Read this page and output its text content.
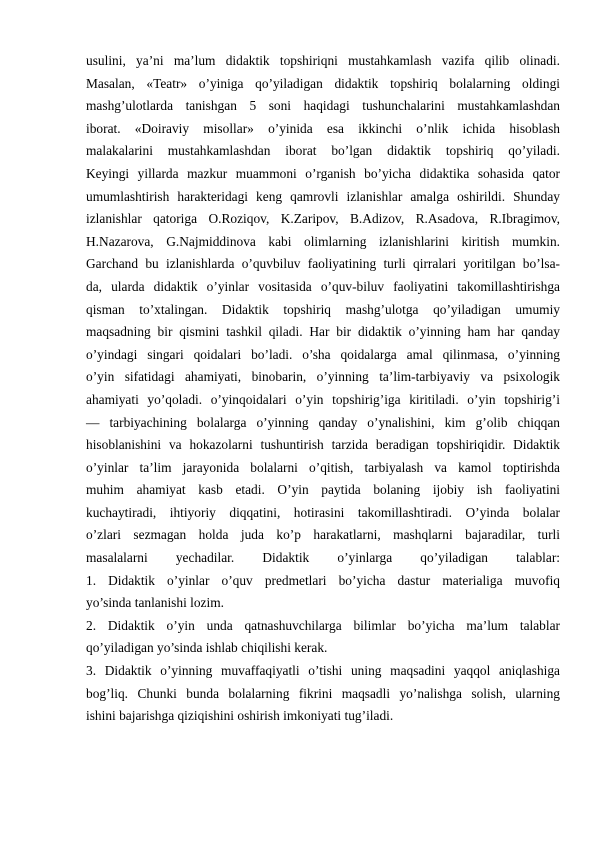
usulini, ya’ni ma’lum didaktik topshiriqni mustahkamlash vazifa qilib olinadi.
Masalan, «Teatr» o’yiniga qo’yiladigan didaktik topshiriq bolalarning oldingi
mashg’ulotlarda tanishgan 5 soni haqidagi tushunchalarini mustahkamlashdan
iborat. «Doiraviy misollar» o’yinida esa ikkinchi o’nlik ichida hisoblash
malakalarini mustahkamlashdan iborat bo’lgan didaktik topshiriq qo’yiladi.
Keyingi yillarda mazkur muammoni o’rganish bo’yicha didaktika sohasida qator
umumlashtirish harakteridagi keng qamrovli izlanishlar amalga oshirildi. Shunday
izlanishlar qatoriga O.Roziqov, K.Zaripov, B.Adizov, R.Asadova, R.Ibragimov,
H.Nazarova, G.Najmiddinova kabi olimlarning izlanishlarini kiritish mumkin.
Garchand bu izlanishlarda o’quvbiluv faoliyatining turli qirralari yoritilgan bo’lsa-
da, ularda didaktik o’yinlar vositasida o’quv-biluv faoliyatini takomillashtirishga
qisman to’xtalingan. Didaktik topshiriq mashg’ulotga qo’yiladigan umumiy
maqsadning bir qismini tashkil qiladi. Har bir didaktik o’yinning ham har qanday
o’yindagi singari qoidalari bo’ladi. o’sha qoidalarga amal qilinmasa, o’yinning
o’yin sifatidagi ahamiyati, binobarin, o’yinning ta’lim-tarbiyaviy va psixologik
ahamiyati yo’qoladi. o’yinqoidalari o’yin topshirig’iga kiritiladi. o’yin topshirig’i
— tarbiyachining bolalarga o’yinning qanday o’ynalishini, kim g’olib chiqqan
hisoblanishini va hokazolarni tushuntirish tarzida beradigan topshiriqidir. Didaktik
o’yinlar ta’lim jarayonida bolalarni o’qitish, tarbiyalash va kamol toptirishda
muhim ahamiyat kasb etadi. O’yin paytida bolaning ijobiy ish faoliyatini
kuchaytiradi, ihtiyoriy diqqatini, hotirasini takomillashtiradi. O’yinda bolalar
o’zlari sezmagan holda juda ko’p harakatlarni, mashqlarni bajaradilar, turli
masalalarni yechadilar. Didaktik o’yinlarga qo’yiladigan talablar:
1. Didaktik o’yinlar o’quv predmetlari bo’yicha dastur materialiga muvofiq
yo’sinda tanlanishi lozim.
2. Didaktik o’yin unda qatnashuvchilarga bilimlar bo’yicha ma’lum talablar
qo’yiladigan yo’sinda ishlab chiqilishi kerak.
3. Didaktik o’yinning muvaffaqiyatli o’tishi uning maqsadini yaqqol aniqlashiga
bog’liq. Chunki bunda bolalarning fikrini maqsadli yo’nalishga solish, ularning
ishini bajarishga qiziqishini oshirish imkoniyati tug’iladi.
